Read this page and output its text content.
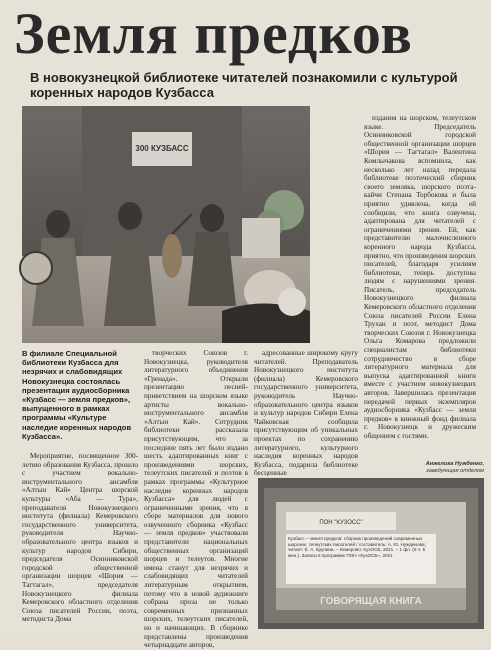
Земля предков
В новокузнецкой библиотеке читателей познакомили с культурой коренных народов Кузбасса
300 КУЗБАСС
В филиале Специальной библиотеки Кузбасса для незрячих и слабовидящих Новокузнецка состоялась презентация аудиосборника «Кузбасс — земля предков», выпущенного в рамках программы «Культуре наследие коренных народов Кузбасса».

Мероприятие, посвященное 300-летию образования Кузбасса, прошло с участием вокально-инструментального ансамбля «Алтын Кай» Центра шорской культуры «Аба — Тура», преподавателя Новокузнецкого института (филиала) Кемеровского государственного университета, руководителя Научно-образовательного центра языков и культур народов Сибири, председателя Осинниковской городской общественной организации шорцев «Шория — Тагтагал», председателя Новокузнецкого филиала Кемеровского областного отделения Союза писателей России, поэта, методиста Дома

творческих Союзов г. Новокузнецка, руководителя литературного объединения «Гренада». Открыли презентацию песней-приветствием на шорском языке артисты вокально-инструментального ансамбля «Алтын Кай». Сотрудник библиотеки рассказала присутствующим, что за последние пять лет было издано шесть адаптированных книг с произведениями шорских, телеутских писателей и поэтов в рамках программы «Культурное наследие коренных народов Кузбасса» для людей с ограниченными зрения, что в сборе материалов для нового озвученного сборника «Кузбасс — земля предков» участвовали представители национальных общественных организаций шорцев и телеутов. Многие имена станут для незрячих и слабовидящих читателей литературным открытием, потому что в новой аудиокниге собрана проза не только современных признанных шорских, телеутских писателей, но и начинающих. В сборнике представлены произведения четырнадцати авторов,

адресованные широкому кругу читателей. Преподаватель Новокузнецкого института (филиала) Кемеровского государственного университета, руководитель Научно-образовательного центра языков и культур народов Сибири Елена Чайковская сообщила присутствующим об уникальных проектах по сохранению литературного, культурного наследия коренных народов Кузбасса, подарила библиотеке бесценные

издания на шорском, телеутском языке. Председатель Осинниковской городской общественной организации шорцев «Шория — Тагтагал» Валентина Комлычакова вспомнила, как несколько лет назад передала библиотеке поэтический сборник своего земляка, шорского поэта-кайчи Степана Торбокова и была приятно удивлена, когда ей сообщили, что книга озвучена, адаптирована для читателей с ограничениями зрения. Ей, как представителю малочисленного коренного народа Кузбасса, приятно, что произведения шорских писателей, благодаря усилиям библиотеки, теперь доступны людям с нарушениями зрения. Писатель, председатель Новокузнецкого филиала Кемеровского областного отделения Союза писателей России Елена Трухан и поэт, методист Дома творческих Союзов г. Новокузнецка Ольга Комарова предложили специалистам библиотеки сотрудничество в сборе литературного материала для выпуска адаптированной книги вместе с участием новокузнецких авторов. Завершилась презентация передачей первых экземпляров аудиосборника «Кузбасс — земля предков» в книжный фонд филиала г. Новокузнецк и дружеским общением с гостями.

Анжелика Нужденко,
заведующая отделом
ПОН "КУЗОСС"
Кузбасс – земля предков: сборник произведений современных шорских, телеутских писателей / составитель: А. Ю. Нуждинова; читает: Е. А. Крупина. – Кемерово: КузОСБ, 2021. – 1 фл. (5 ч. 5 мин.). Записи в программе ПОН «КузОСБ», 2021
ГОВОРЯЩАЯ КНИГА
